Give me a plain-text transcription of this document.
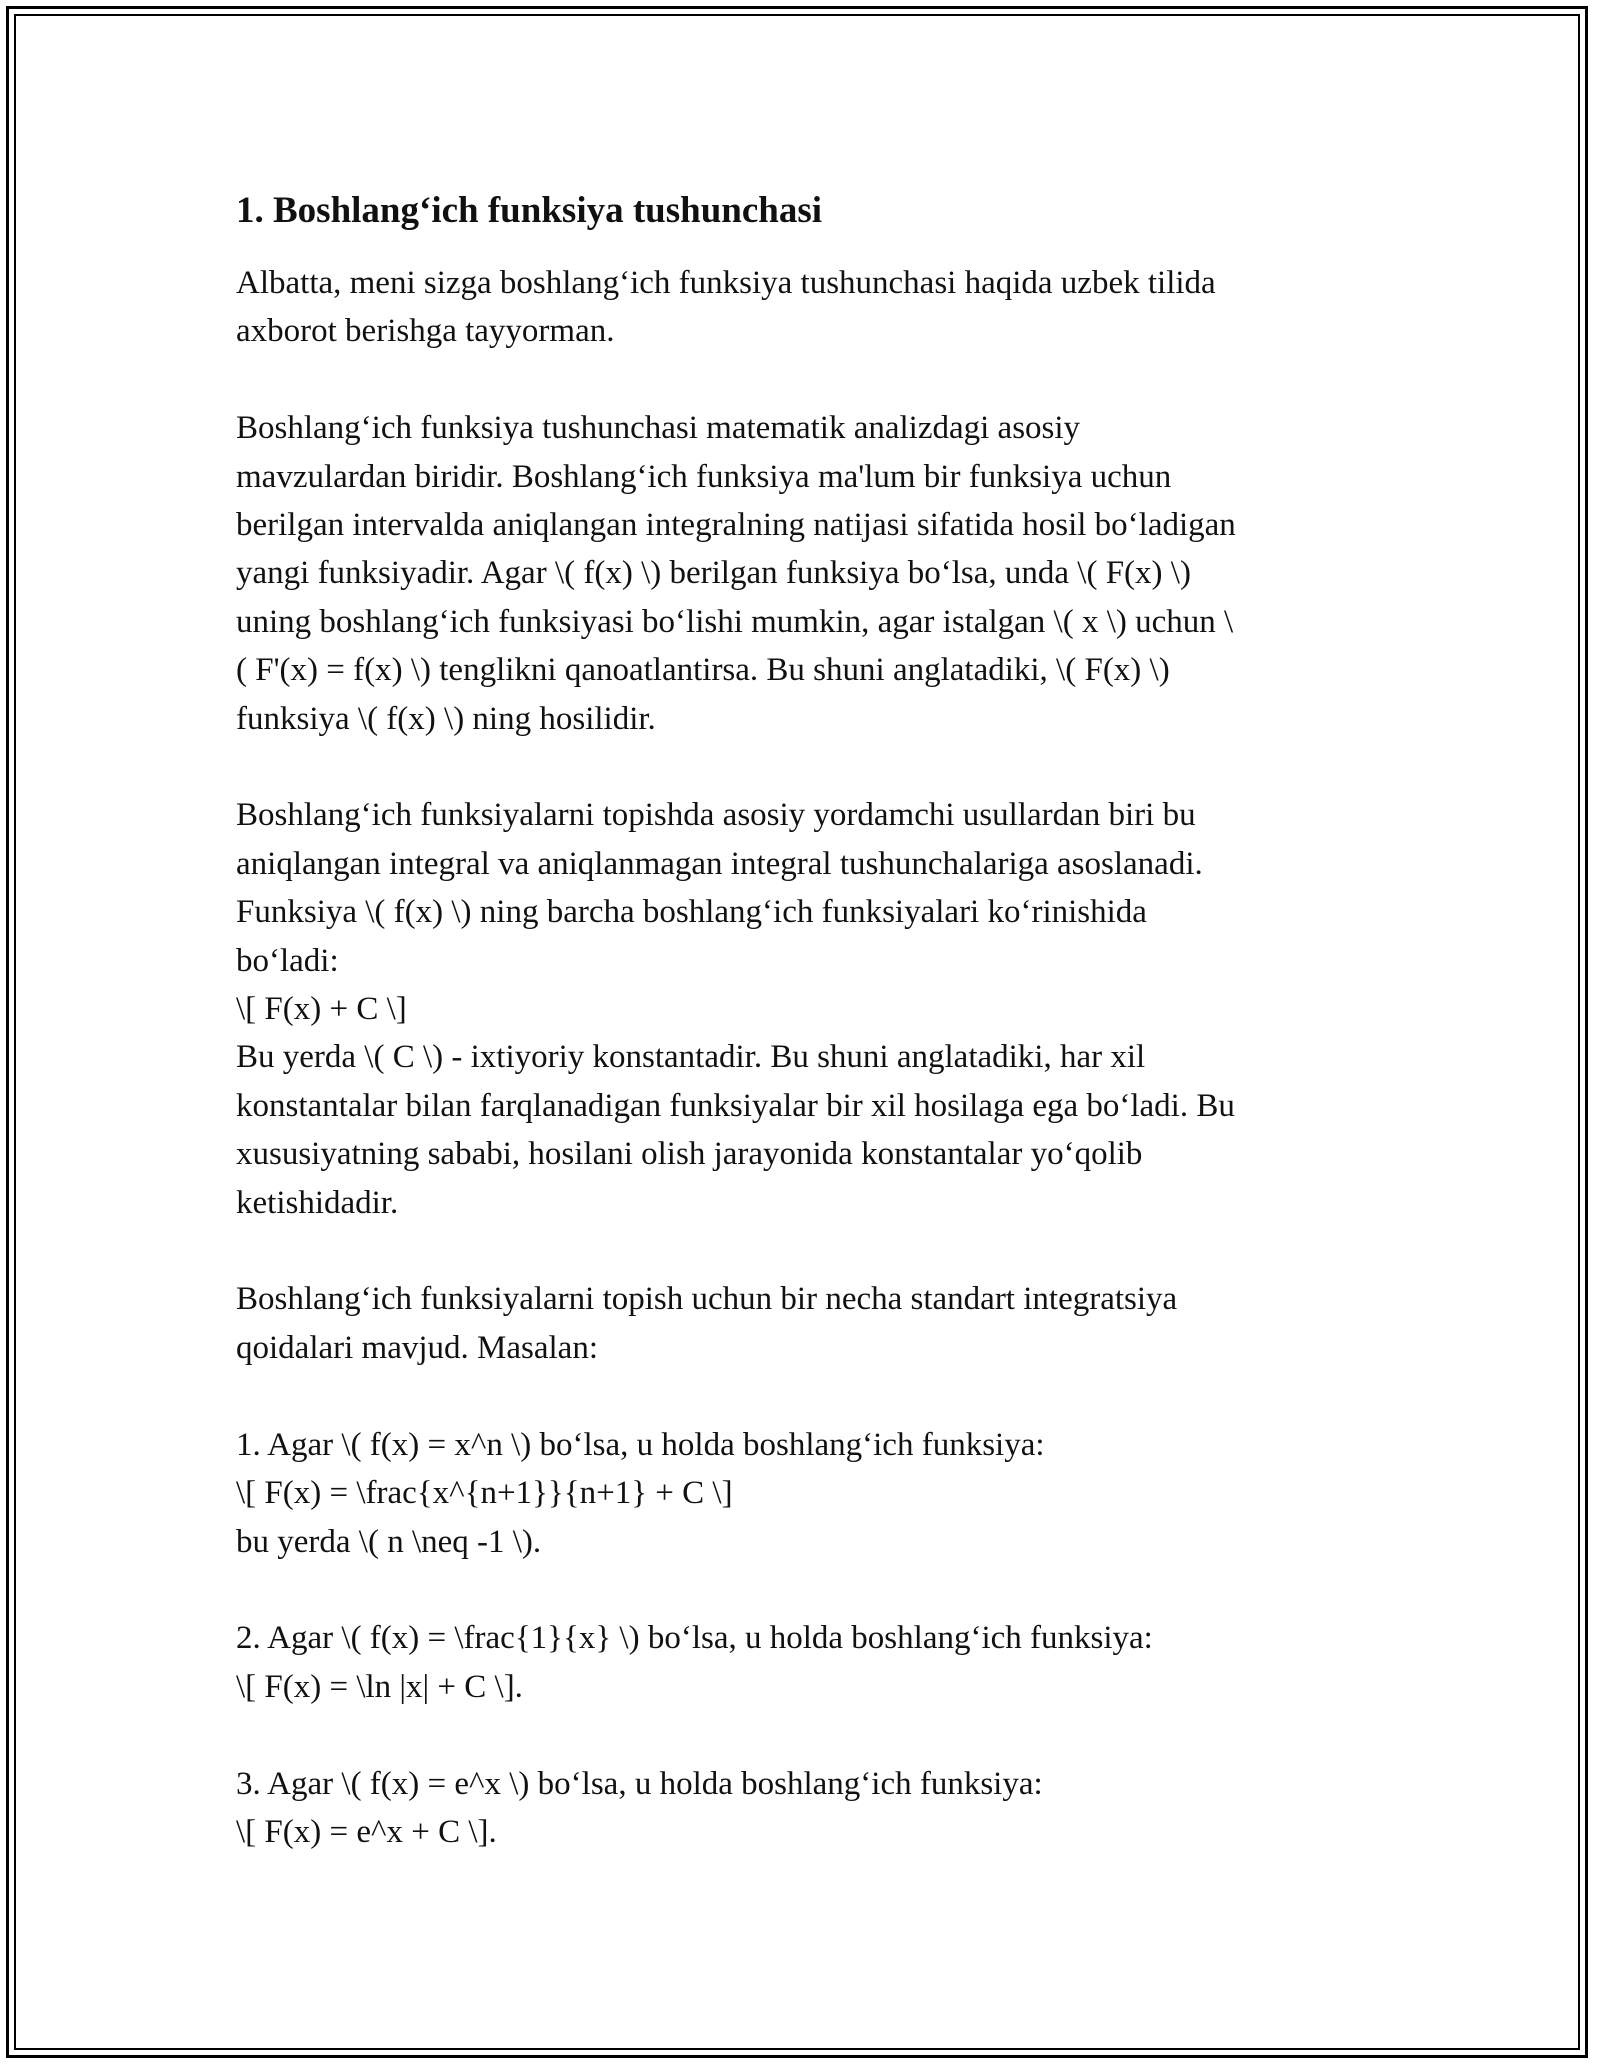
1. Boshlang‘ich funksiya tushunchasi
Albatta, meni sizga boshlang‘ich funksiya tushunchasi haqida uzbek tilida
axborot berishga tayyorman.
Boshlang‘ich funksiya tushunchasi matematik analizdagi asosiy
mavzulardan biridir. Boshlang‘ich funksiya ma'lum bir funksiya uchun
berilgan intervalda aniqlangan integralning natijasi sifatida hosil bo‘ladigan
yangi funksiyadir. Agar \( f(x) \) berilgan funksiya bo‘lsa, unda \( F(x) \)
uning boshlang‘ich funksiyasi bo‘lishi mumkin, agar istalgan \( x \) uchun \
( F'(x) = f(x) \) tenglikni qanoatlantirsa. Bu shuni anglatadiki, \( F(x) \)
funksiya \( f(x) \) ning hosilidir.
Boshlang‘ich funksiyalarni topishda asosiy yordamchi usullardan biri bu
aniqlangan integral va aniqlanmagan integral tushunchalariga asoslanadi.
Funksiya \( f(x) \) ning barcha boshlang‘ich funksiyalari ko‘rinishida
bo‘ladi:
\[ F(x) + C \]
Bu yerda \( C \) - ixtiyoriy konstantadir. Bu shuni anglatadiki, har xil
konstantalar bilan farqlanadigan funksiyalar bir xil hosilaga ega bo‘ladi. Bu
xususiyatning sababi, hosilani olish jarayonida konstantalar yo‘qolib
ketishidadir.
Boshlang‘ich funksiyalarni topish uchun bir necha standart integratsiya
qoidalari mavjud. Masalan:
1. Agar \( f(x) = x^n \) bo‘lsa, u holda boshlang‘ich funksiya:
\[ F(x) = \frac{x^{n+1}}{n+1} + C \]
bu yerda \( n \neq -1 \).
2. Agar \( f(x) = \frac{1}{x} \) bo‘lsa, u holda boshlang‘ich funksiya:
\[ F(x) = \ln |x| + C \].
3. Agar \( f(x) = e^x \) bo‘lsa, u holda boshlang‘ich funksiya:
\[ F(x) = e^x + C \].
